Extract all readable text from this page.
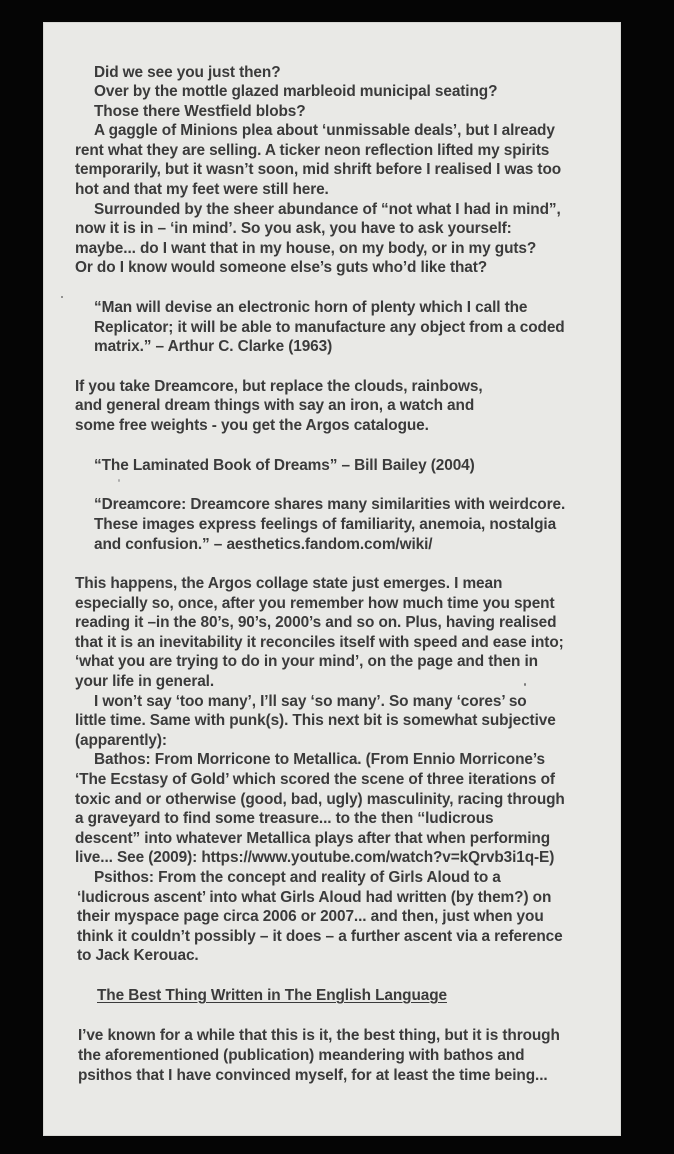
Did we see you just then?
Over by the mottle glazed marbleoid municipal seating?
Those there Westfield blobs?
A gaggle of Minions plea about ‘unmissable deals’, but I already
rent what they are selling. A ticker neon reflection lifted my spirits
temporarily, but it wasn’t soon, mid shrift before I realised I was too
hot and that my feet were still here.
Surrounded by the sheer abundance of “not what I had in mind”,
now it is in – ‘in mind’. So you ask, you have to ask yourself:
maybe... do I want that in my house, on my body, or in my guts?
Or do I know would someone else’s guts who’d like that?
“Man will devise an electronic horn of plenty which I call the
Replicator; it will be able to manufacture any object from a coded
matrix.” – Arthur C. Clarke (1963)
If you take Dreamcore, but replace the clouds, rainbows,
and general dream things with say an iron, a watch and
some free weights - you get the Argos catalogue.
“The Laminated Book of Dreams” – Bill Bailey (2004)
“Dreamcore: Dreamcore shares many similarities with weirdcore.
These images express feelings of familiarity, anemoia, nostalgia
and confusion.” – aesthetics.fandom.com/wiki/
This happens, the Argos collage state just emerges. I mean
especially so, once, after you remember how much time you spent
reading it –in the 80’s, 90’s, 2000’s and so on. Plus, having realised
that it is an inevitability it reconciles itself with speed and ease into;
‘what you are trying to do in your mind’, on the page and then in
your life in general.
I won’t say ‘too many’, I’ll say ‘so many’. So many ‘cores’ so
little time. Same with punk(s). This next bit is somewhat subjective
(apparently):
Bathos: From Morricone to Metallica. (From Ennio Morricone’s
‘The Ecstasy of Gold’ which scored the scene of three iterations of
toxic and or otherwise (good, bad, ugly) masculinity, racing through
a graveyard to find some treasure... to the then ‘‘ludicrous
descent” into whatever Metallica plays after that when performing
live... See (2009): https://www.youtube.com/watch?v=kQrvb3i1q-E)
Psithos: From the concept and reality of Girls Aloud to a
‘ludicrous ascent’ into what Girls Aloud had written (by them?) on
their myspace page circa 2006 or 2007... and then, just when you
think it couldn’t possibly – it does – a further ascent via a reference
to Jack Kerouac.
The Best Thing Written in The English Language
I’ve known for a while that this is it, the best thing, but it is through
the aforementioned (publication) meandering with bathos and
psithos that I have convinced myself, for at least the time being...
